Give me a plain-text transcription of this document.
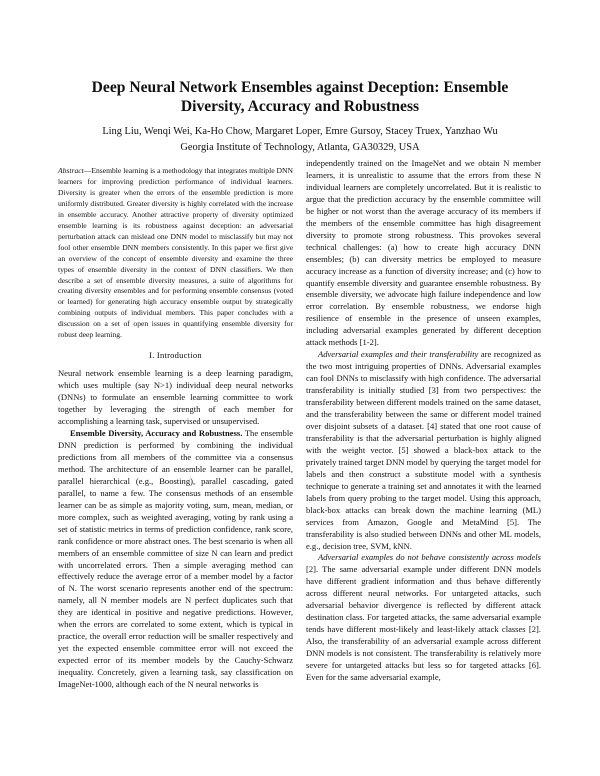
Deep Neural Network Ensembles against Deception: Ensemble Diversity, Accuracy and Robustness
Ling Liu, Wenqi Wei, Ka-Ho Chow, Margaret Loper, Emre Gursoy, Stacey Truex, Yanzhao Wu
Georgia Institute of Technology, Atlanta, GA30329, USA

Abstract—Ensemble learning is a methodology that integrates multiple DNN learners for improving prediction performance of individual learners. Diversity is greater when the errors of the ensemble prediction is more uniformly distributed. Greater diversity is highly correlated with the increase in ensemble accuracy. Another attractive property of diversity optimized ensemble learning is its robustness against deception: an adversarial perturbation attack can mislead one DNN model to misclassify but may not fool other ensemble DNN members consistently. In this paper we first give an overview of the concept of ensemble diversity and examine the three types of ensemble diversity in the context of DNN classifiers. We then describe a set of ensemble diversity measures, a suite of algorithms for creating diversity ensembles and for performing ensemble consensus (voted or learned) for generating high accuracy ensemble output by strategically combining outputs of individual members. This paper concludes with a discussion on a set of open issues in quantifying ensemble diversity for robust deep learning.

I. Introduction

Neural network ensemble learning is a deep learning paradigm, which uses multiple (say N>1) individual deep neural networks (DNNs) to formulate an ensemble learning committee to work together by leveraging the strength of each member for accomplishing a learning task, supervised or unsupervised.

Ensemble Diversity, Accuracy and Robustness. The ensemble DNN prediction is performed by combining the individual predictions from all members of the committee via a consensus method. The architecture of an ensemble learner can be parallel, parallel hierarchical (e.g., Boosting), parallel cascading, gated parallel, to name a few. The consensus methods of an ensemble learner can be as simple as majority voting, sum, mean, median, or more complex, such as weighted averaging, voting by rank using a set of statistic metrics in terms of prediction confidence, rank score, rank confidence or more abstract ones. The best scenario is when all members of an ensemble committee of size N can learn and predict with uncorrelated errors. Then a simple averaging method can effectively reduce the average error of a member model by a factor of N. The worst scenario represents another end of the spectrum: namely, all N member models are N perfect duplicates such that they are identical in positive and negative predictions. However, when the errors are correlated to some extent, which is typical in practice, the overall error reduction will be smaller respectively and yet the expected ensemble committee error will not exceed the expected error of its member models by the Cauchy-Schwarz inequality. Concretely, given a learning task, say classification on ImageNet-1000, although each of the N neural networks is

independently trained on the ImageNet and we obtain N member learners, it is unrealistic to assume that the errors from these N individual learners are completely uncorrelated. But it is realistic to argue that the prediction accuracy by the ensemble committee will be higher or not worst than the average accuracy of its members if the members of the ensemble committee has high disagreement diversity to promote strong robustness. This provokes several technical challenges: (a) how to create high accuracy DNN ensembles; (b) can diversity metrics be employed to measure accuracy increase as a function of diversity increase; and (c) how to quantify ensemble diversity and guarantee ensemble robustness. By ensemble diversity, we advocate high failure independence and low error correlation. By ensemble robustness, we endorse high resilience of ensemble in the presence of unseen examples, including adversarial examples generated by different deception attack methods [1-2].

Adversarial examples and their transferability are recognized as the two most intriguing properties of DNNs. Adversarial examples can fool DNNs to misclassify with high confidence. The adversarial transferability is initially studied [3] from two perspectives: the transferability between different models trained on the same dataset, and the transferability between the same or different model trained over disjoint subsets of a dataset. [4] stated that one root cause of transferability is that the adversarial perturbation is highly aligned with the weight vector. [5] showed a black-box attack to the privately trained target DNN model by querying the target model for labels and then construct a substitute model with a synthesis technique to generate a training set and annotates it with the learned labels from query probing to the target model. Using this approach, black-box attacks can break down the machine learning (ML) services from Amazon, Google and MetaMind [5]. The transferability is also studied between DNNs and other ML models, e.g., decision tree, SVM, kNN.

Adversarial examples do not behave consistently across models [2]. The same adversarial example under different DNN models have different gradient information and thus behave differently across different neural networks. For untargeted attacks, such adversarial behavior divergence is reflected by different attack destination class. For targeted attacks, the same adversarial example tends have different most-likely and least-likely attack classes [2]. Also, the transferability of an adversarial example across different DNN models is not consistent. The transferability is relatively more severe for untargeted attacks but less so for targeted attacks [6]. Even for the same adversarial example,
